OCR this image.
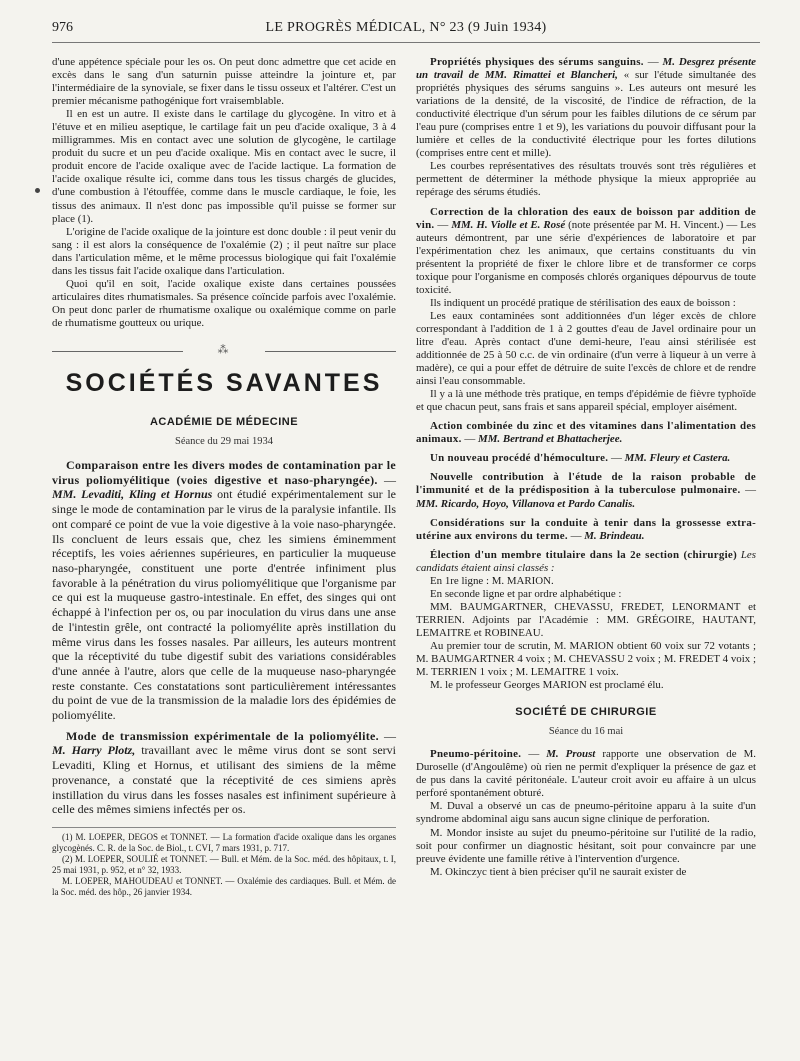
976	LE PROGRÈS MÉDICAL, N° 23 (9 Juin 1934)

d'une appétence spéciale pour les os. On peut donc admettre que cet acide en excès dans le sang d'un saturnin puisse atteindre la jointure et, par l'intermédiaire de la synoviale, se fixer dans le tissu osseux et l'altérer. C'est un premier mécanisme pathogénique fort vraisemblable.

Il en est un autre. Il existe dans le cartilage du glycogène. In vitro et à l'étuve et en milieu aseptique, le cartilage fait un peu d'acide oxalique, 3 à 4 milligrammes. Mis en contact avec une solution de glycogène, le cartilage produit du sucre et un peu d'acide oxalique. Mis en contact avec le sucre, il produit encore de l'acide oxalique avec de l'acide lactique. La formation de l'acide oxalique résulte ici, comme dans tous les tissus chargés de glucides, d'une combustion à l'étouffée, comme dans le muscle cardiaque, le foie, les tissus des animaux. Il n'est donc pas impossible qu'il puisse se former sur place (1).

L'origine de l'acide oxalique de la jointure est donc double : il peut venir du sang : il est alors la conséquence de l'oxalémie (2) ; il peut naître sur place dans l'articulation même, et le même processus biologique qui fait l'oxalémie dans les tissus fait l'acide oxalique dans l'articulation.

Quoi qu'il en soit, l'acide oxalique existe dans certaines poussées articulaires dites rhumatismales. Sa présence coïncide parfois avec l'oxalémie. On peut donc parler de rhumatisme oxalique ou oxalémique comme on parle de rhumatisme goutteux ou urique.

⁂
SOCIÉTÉS SAVANTES
ACADÉMIE DE MÉDECINE
Séance du 29 mai 1934

Comparaison entre les divers modes de contamination par le virus poliomyélitique (voies digestive et naso-pharyngée). — MM. Levaditi, Kling et Hornus ont étudié expérimentalement sur le singe le mode de contamination par le virus de la paralysie infantile. Ils ont comparé ce point de vue la voie digestive à la voie naso-pharyngée. Ils concluent de leurs essais que, chez les simiens éminemment réceptifs, les voies aériennes supérieures, en particulier la muqueuse naso-pharyngée, constituent une porte d'entrée infiniment plus favorable à la pénétration du virus poliomyélitique que l'organisme par ce qui est la muqueuse gastro-intestinale. En effet, des singes qui ont échappé à l'infection per os, ou par inoculation du virus dans une anse de l'intestin grêle, ont contracté la poliomyélite après instillation du même virus dans les fosses nasales. Par ailleurs, les auteurs montrent que la réceptivité du tube digestif subit des variations considérables d'une année à l'autre, alors que celle de la muqueuse naso-pharyngée reste constante. Ces constatations sont particulièrement intéressantes du point de vue de la transmission de la maladie lors des épidémies de poliomyélite.

Mode de transmission expérimentale de la poliomyélite. — M. Harry Plotz, travaillant avec le même virus dont se sont servi Levaditi, Kling et Hornus, et utilisant des simiens de la même provenance, a constaté que la réceptivité de ces simiens après instillation du virus dans les fosses nasales est infiniment supérieure à celle des mêmes simiens infectés per os.

(1) M. LOEPER, DEGOS et TONNET. — La formation d'acide oxalique dans les organes glycogènés. C. R. de la Soc. de Biol., t. CVI, 7 mars 1931, p. 717.

(2) M. LOEPER, SOULIÉ et TONNET. — Bull. et Mém. de la Soc. méd. des hôpitaux, t. I, 25 mai 1931, p. 952, et n° 32, 1933.

M. LOEPER, MAHOUDEAU et TONNET. — Oxalémie des cardiaques. Bull. et Mém. de la Soc. méd. des hôp., 26 janvier 1934.

Propriétés physiques des sérums sanguins. — M. Desgrez présente un travail de MM. Rimattei et Blancheri, « sur l'étude simultanée des propriétés physiques des sérums sanguins ». Les auteurs ont mesuré les variations de la densité, de la viscosité, de l'indice de réfraction, de la conductivité électrique d'un sérum pour les faibles dilutions de ce sérum par l'eau pure (comprises entre 1 et 9), les variations du pouvoir diffusant pour la lumière et celles de la conductivité électrique pour les fortes dilutions (comprises entre cent et mille).

Les courbes représentatives des résultats trouvés sont très régulières et permettent de déterminer la méthode physique la mieux appropriée au repérage des sérums étudiés.

Correction de la chloration des eaux de boisson par addition de vin. — MM. H. Violle et E. Rosé (note présentée par M. H. Vincent.) — Les auteurs démontrent, par une série d'expériences de laboratoire et par l'expérimentation chez les animaux, que certains constituants du vin présentent la propriété de fixer le chlore libre et de transformer ce corps toxique pour l'organisme en composés chlorés organiques dépourvus de toute toxicité.

Ils indiquent un procédé pratique de stérilisation des eaux de boisson :

Les eaux contaminées sont additionnées d'un léger excès de chlore correspondant à l'addition de 1 à 2 gouttes d'eau de Javel ordinaire pour un litre d'eau. Après contact d'une demi-heure, l'eau ainsi stérilisée est additionnée de 25 à 50 c.c. de vin ordinaire (d'un verre à liqueur à un verre à madère), ce qui a pour effet de détruire de suite l'excès de chlore et de rendre ainsi l'eau consommable.

Il y a là une méthode très pratique, en temps d'épidémie de fièvre typhoïde et que chacun peut, sans frais et sans appareil spécial, employer aisément.

Action combinée du zinc et des vitamines dans l'alimentation des animaux. — MM. Bertrand et Bhattacherjee.

Un nouveau procédé d'hémoculture. — MM. Fleury et Castera.

Nouvelle contribution à l'étude de la raison probable de l'immunité et de la prédisposition à la tuberculose pulmonaire. — MM. Ricardo, Hoyo, Villanova et Pardo Canalis.

Considérations sur la conduite à tenir dans la grossesse extra-utérine aux environs du terme. — M. Brindeau.

Élection d'un membre titulaire dans la 2e section (chirurgie) Les candidats étaient ainsi classés :

En 1re ligne : M. MARION.

En seconde ligne et par ordre alphabétique :

MM. BAUMGARTNER, CHEVASSU, FREDET, LENORMANT et TERRIEN. Adjoints par l'Académie : MM. GRÉGOIRE, HAUTANT, LEMAITRE et ROBINEAU.

Au premier tour de scrutin, M. MARION obtient 60 voix sur 72 votants ; M. BAUMGARTNER 4 voix ; M. CHEVASSU 2 voix ; M. FREDET 4 voix ; M. TERRIEN 1 voix ; M. LEMAITRE 1 voix.

M. le professeur Georges MARION est proclamé élu.

SOCIÉTÉ DE CHIRURGIE
Séance du 16 mai

Pneumo-péritoine. — M. Proust rapporte une observation de M. Duroselle (d'Angoulême) où rien ne permit d'expliquer la présence de gaz et de pus dans la cavité péritonéale. L'auteur croit avoir eu affaire à un ulcus perforé spontanément obturé.

M. Duval a observé un cas de pneumo-péritoine apparu à la suite d'un syndrome abdominal aigu sans aucun signe clinique de perforation.

M. Mondor insiste au sujet du pneumo-péritoine sur l'utilité de la radio, soit pour confirmer un diagnostic hésitant, soit pour convaincre par une preuve évidente une famille rétive à l'intervention d'urgence.

M. Okinczyc tient à bien préciser qu'il ne saurait exister de
